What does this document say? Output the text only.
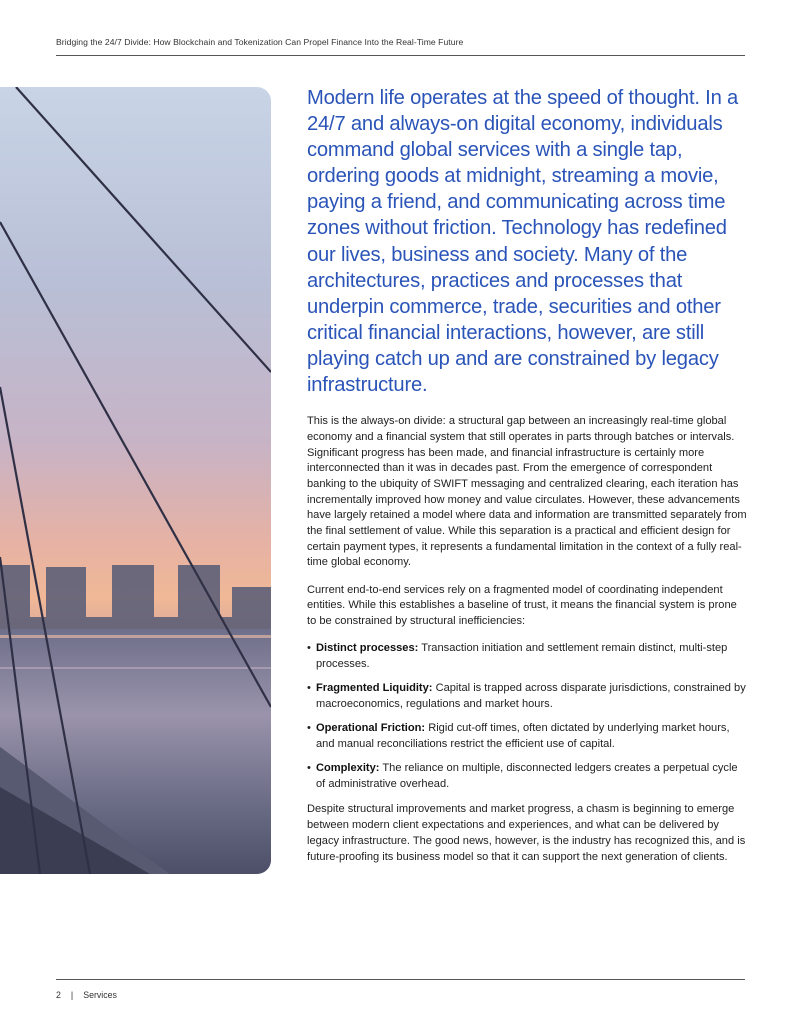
Bridging the 24/7 Divide: How Blockchain and Tokenization Can Propel Finance Into the Real-Time Future

Modern life operates at the speed of thought. In a 24/7 and always-on digital economy, individuals command global services with a single tap, ordering goods at midnight, streaming a movie, paying a friend, and communicating across time zones without friction. Technology has redefined our lives, business and society. Many of the architectures, practices and processes that underpin commerce, trade, securities and other critical financial interactions, however, are still playing catch up and are constrained by legacy infrastructure.

This is the always-on divide: a structural gap between an increasingly real-time global economy and a financial system that still operates in parts through batches or intervals. Significant progress has been made, and financial infrastructure is certainly more interconnected than it was in decades past. From the emergence of correspondent banking to the ubiquity of SWIFT messaging and centralized clearing, each iteration has incrementally improved how money and value circulates. However, these advancements have largely retained a model where data and information are transmitted separately from the final settlement of value. While this separation is a practical and efficient design for certain payment types, it represents a fundamental limitation in the context of a fully real-time global economy.

Current end-to-end services rely on a fragmented model of coordinating independent entities. While this establishes a baseline of trust, it means the financial system is prone to be constrained by structural inefficiencies:

• Distinct processes: Transaction initiation and settlement remain distinct, multi-step processes.
• Fragmented Liquidity: Capital is trapped across disparate jurisdictions, constrained by macroeconomics, regulations and market hours.
• Operational Friction: Rigid cut-off times, often dictated by underlying market hours, and manual reconciliations restrict the efficient use of capital.
• Complexity: The reliance on multiple, disconnected ledgers creates a perpetual cycle of administrative overhead.

Despite structural improvements and market progress, a chasm is beginning to emerge between modern client expectations and experiences, and what can be delivered by legacy infrastructure. The good news, however, is the industry has recognized this, and is future-proofing its business model so that it can support the next generation of clients.

2 | Services
